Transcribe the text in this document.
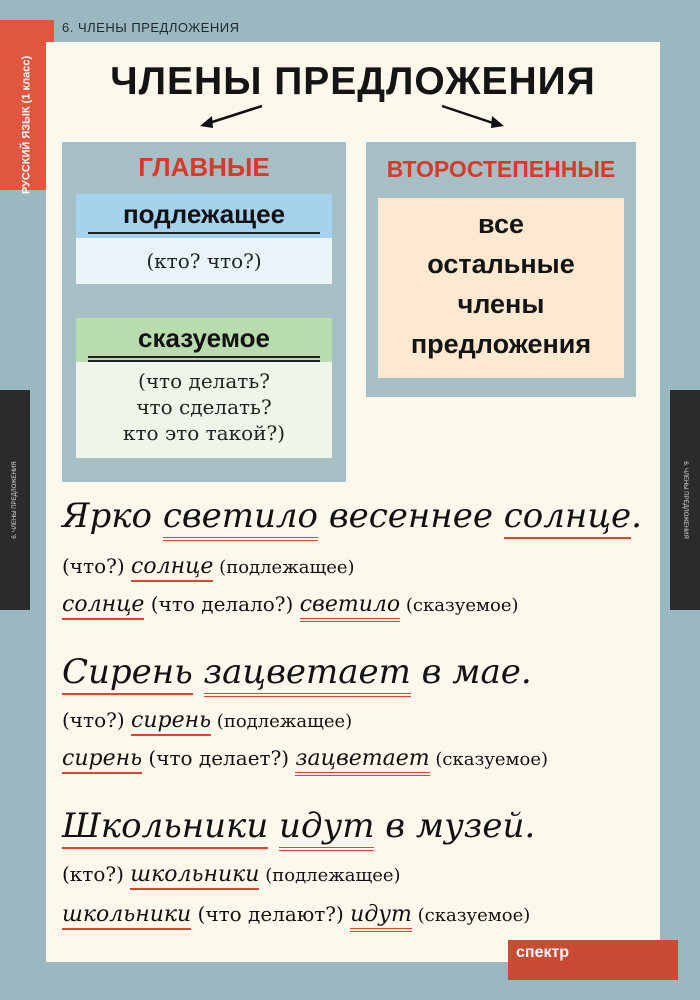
6. ЧЛЕНЫ ПРЕДЛОЖЕНИЯ
РУССКИЙ ЯЗЫК (1 класс)
6. ЧЛЕНЫ ПРЕДЛОЖЕНИЯ	6. ЧЛЕНЫ ПРЕДЛОЖЕНИЯ
ЧЛЕНЫ ПРЕДЛОЖЕНИЯ
ГЛАВНЫЕ
подлежащее
(кто? что?)
сказуемое
(что делать?
что сделать?
кто это такой?)
ВТОРОСТЕПЕННЫЕ
все
остальные
члены
предложения
Ярко светило весеннее солнце.
(что?) солнце (подлежащее)
солнце (что делало?) светило (сказуемое)
Сирень зацветает в мае.
(что?) сирень (подлежащее)
сирень (что делает?) зацветает (сказуемое)
Школьники идут в музей.
(кто?) школьники (подлежащее)
школьники (что делают?) идут (сказуемое)
спектр
